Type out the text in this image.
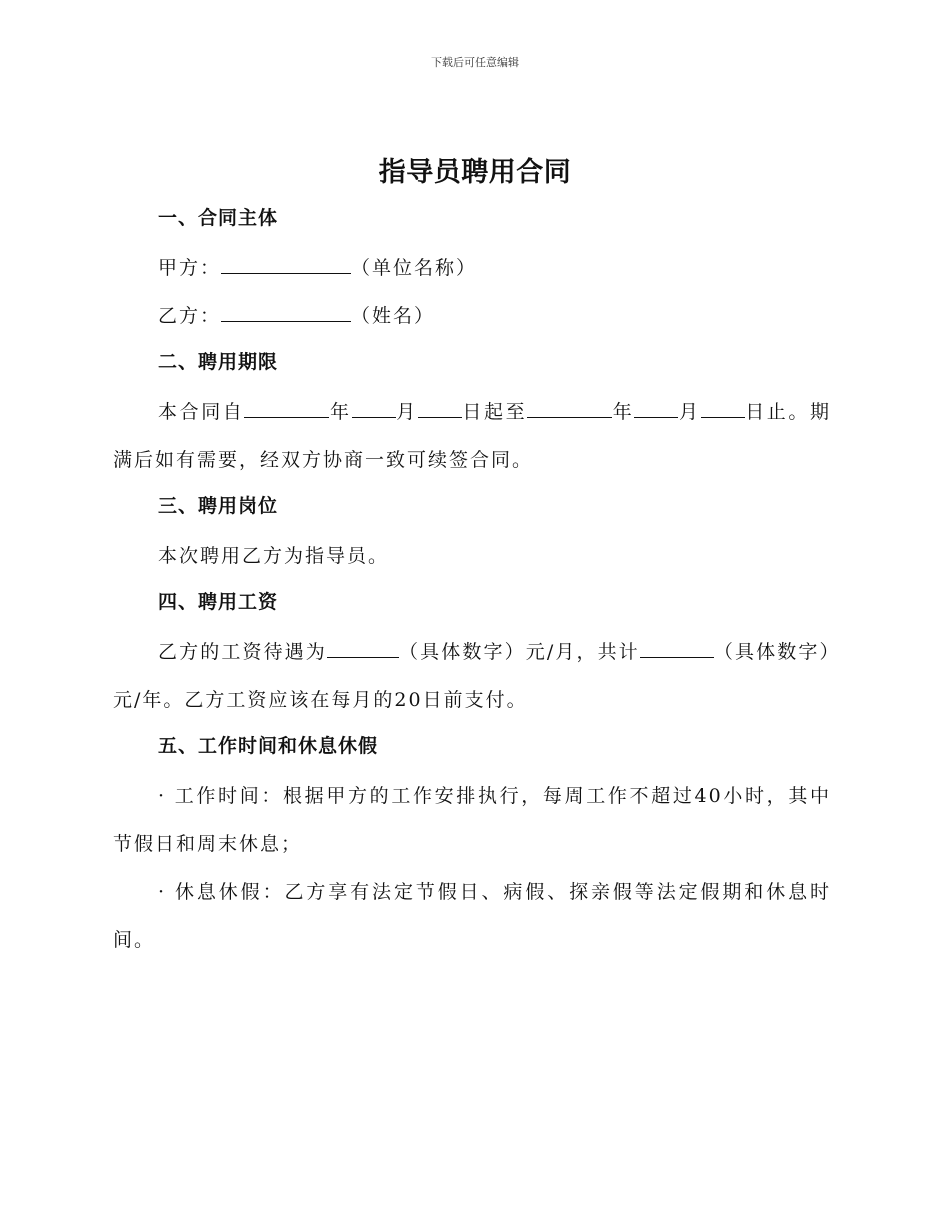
下载后可任意编辑
指导员聘用合同
一、合同主体

甲方：	（单位名称）

乙方：	（姓名）

二、聘用期限

本合同自	年 月 日起至	年 月 日止。期满后如有需要，经双方协商一致可续签合同。

三、聘用岗位

本次聘用乙方为指导员。

四、聘用工资

乙方的工资待遇为	（具体数字）元/月，共计	（具体数字）元/年。乙方工资应该在每月的20日前支付。

五、工作时间和休息休假

· 工作时间：根据甲方的工作安排执行，每周工作不超过40小时，其中节假日和周末休息；

· 休息休假：乙方享有法定节假日、病假、探亲假等法定假期和休息时间。
